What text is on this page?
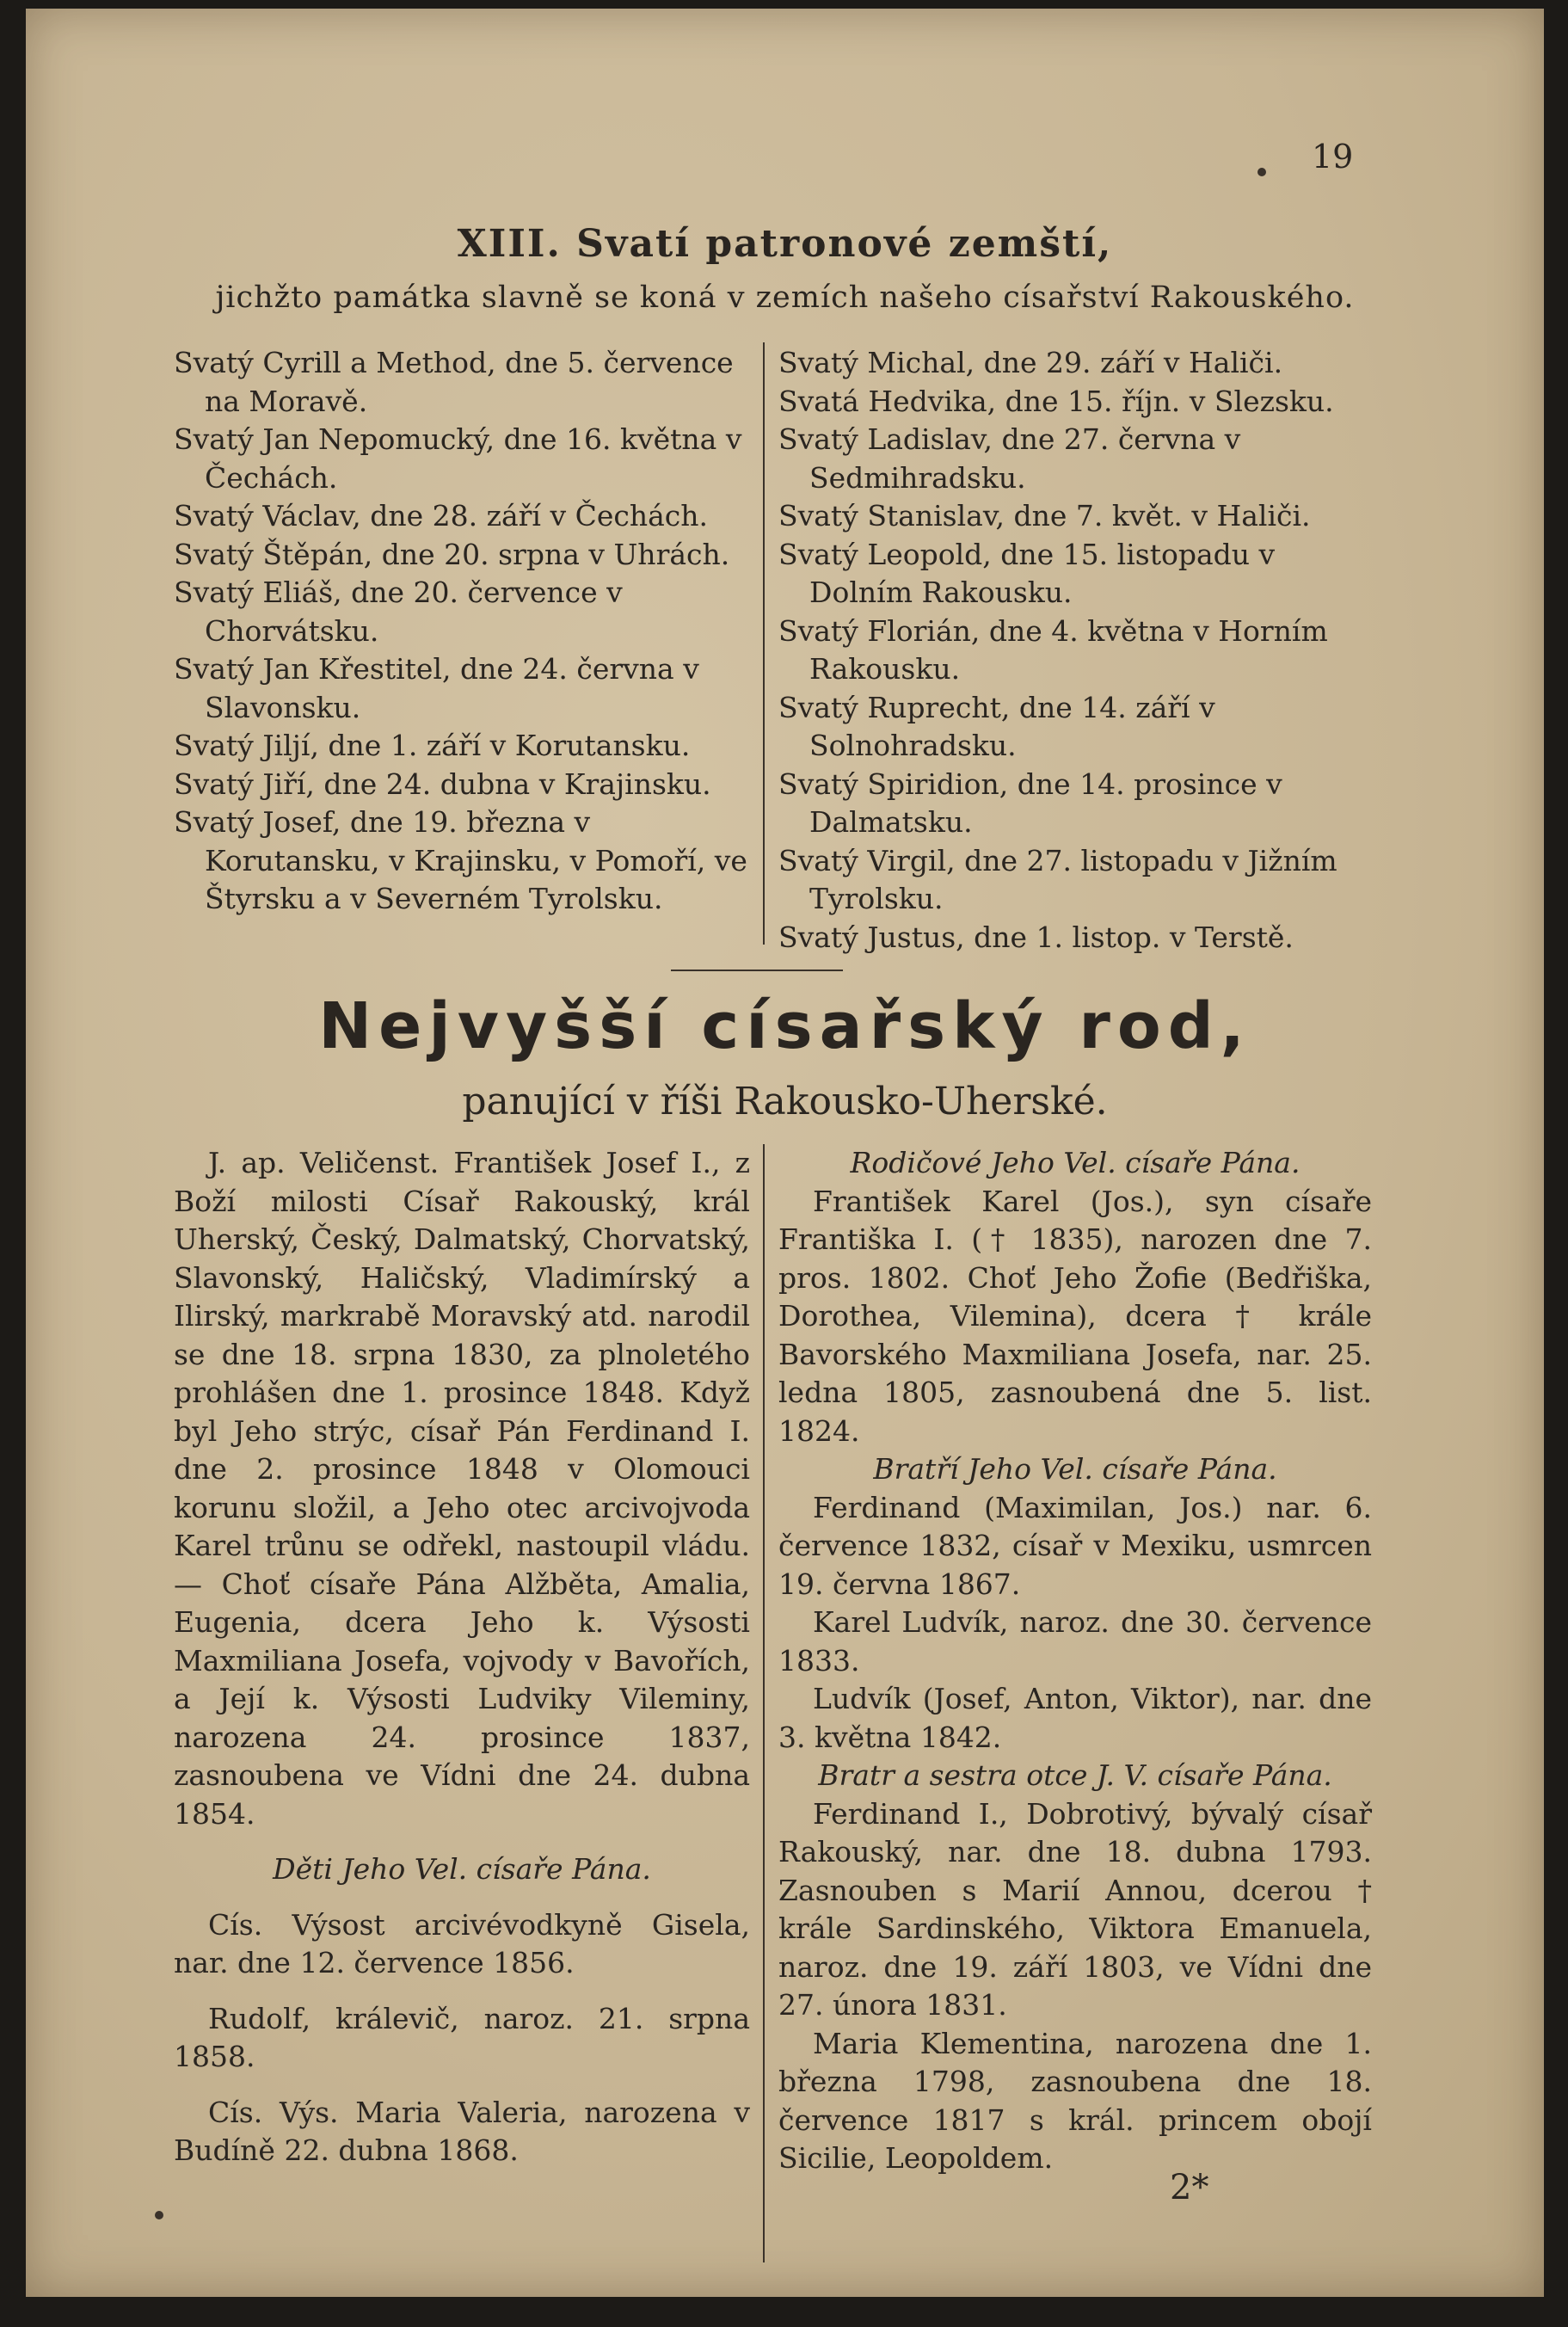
19
XIII. Svatí patronové zemští,
jichžto památka slavně se koná v zemích našeho císařství Rakouského.

Svatý Cyrill a Method, dne 5. července na Moravě.

Svatý Jan Nepomucký, dne 16. května v Čechách.

Svatý Václav, dne 28. září v Čechách.

Svatý Štěpán, dne 20. srpna v Uhrách.

Svatý Eliáš, dne 20. července v Chorvátsku.

Svatý Jan Křestitel, dne 24. června v Slavonsku.

Svatý Jiljí, dne 1. září v Korutansku.

Svatý Jiří, dne 24. dubna v Krajinsku.

Svatý Josef, dne 19. března v Korutansku, v Krajinsku, v Pomoří, ve Štyrsku a v Severném Tyrolsku.

Svatý Michal, dne 29. září v Haliči.

Svatá Hedvika, dne 15. říjn. v Slezsku.

Svatý Ladislav, dne 27. června v Sedmihradsku.

Svatý Stanislav, dne 7. květ. v Haliči.

Svatý Leopold, dne 15. listopadu v Dolním Rakousku.

Svatý Florián, dne 4. května v Horním Rakousku.

Svatý Ruprecht, dne 14. září v Solnohradsku.

Svatý Spiridion, dne 14. prosince v Dalmatsku.

Svatý Virgil, dne 27. listopadu v Jižním Tyrolsku.

Svatý Justus, dne 1. listop. v Terstě.

Nejvyšší císařský rod,
panující v říši Rakousko-Uherské.

J. ap. Veličenst. František Josef I., z Boží milosti Císař Rakouský, král Uherský, Český, Dalmatský, Chorvatský, Slavonský, Haličský, Vladimírský a Ilirský, markrabě Moravský atd. narodil se dne 18. srpna 1830, za plnoletého prohlášen dne 1. prosince 1848. Když byl Jeho strýc, císař Pán Ferdinand I. dne 2. prosince 1848 v Olomouci korunu složil, a Jeho otec arcivojvoda Karel trůnu se odřekl, nastoupil vládu. — Choť císaře Pána Alžběta, Amalia, Eugenia, dcera Jeho k. Výsosti Maxmiliana Josefa, vojvody v Bavořích, a Její k. Výsosti Ludviky Vileminy, narozena 24. prosince 1837, zasnoubena ve Vídni dne 24. dubna 1854.

Děti Jeho Vel. císaře Pána.

Cís. Výsost arcivévodkyně Gisela, nar. dne 12. července 1856.

Rudolf, králevič, naroz. 21. srpna 1858.

Cís. Výs. Maria Valeria, narozena v Budíně 22. dubna 1868.

Rodičové Jeho Vel. císaře Pána.

František Karel (Jos.), syn císaře Františka I. († 1835), narozen dne 7. pros. 1802. Choť Jeho Žofie (Bedřiška, Dorothea, Vilemina), dcera † krále Bavorského Maxmiliana Josefa, nar. 25. ledna 1805, zasnoubená dne 5. list. 1824.

Bratří Jeho Vel. císaře Pána.

Ferdinand (Maximilan, Jos.) nar. 6. července 1832, císař v Mexiku, usmrcen 19. června 1867.

Karel Ludvík, naroz. dne 30. července 1833.

Ludvík (Josef, Anton, Viktor), nar. dne 3. května 1842.

Bratr a sestra otce J. V. císaře Pána.

Ferdinand I., Dobrotivý, bývalý císař Rakouský, nar. dne 18. dubna 1793. Zasnouben s Marií Annou, dcerou † krále Sardinského, Viktora Emanuela, naroz. dne 19. září 1803, ve Vídni dne 27. února 1831.

Maria Klementina, narozena dne 1. března 1798, zasnoubena dne 18. července 1817 s král. princem obojí Sicilie, Leopoldem.

2*
